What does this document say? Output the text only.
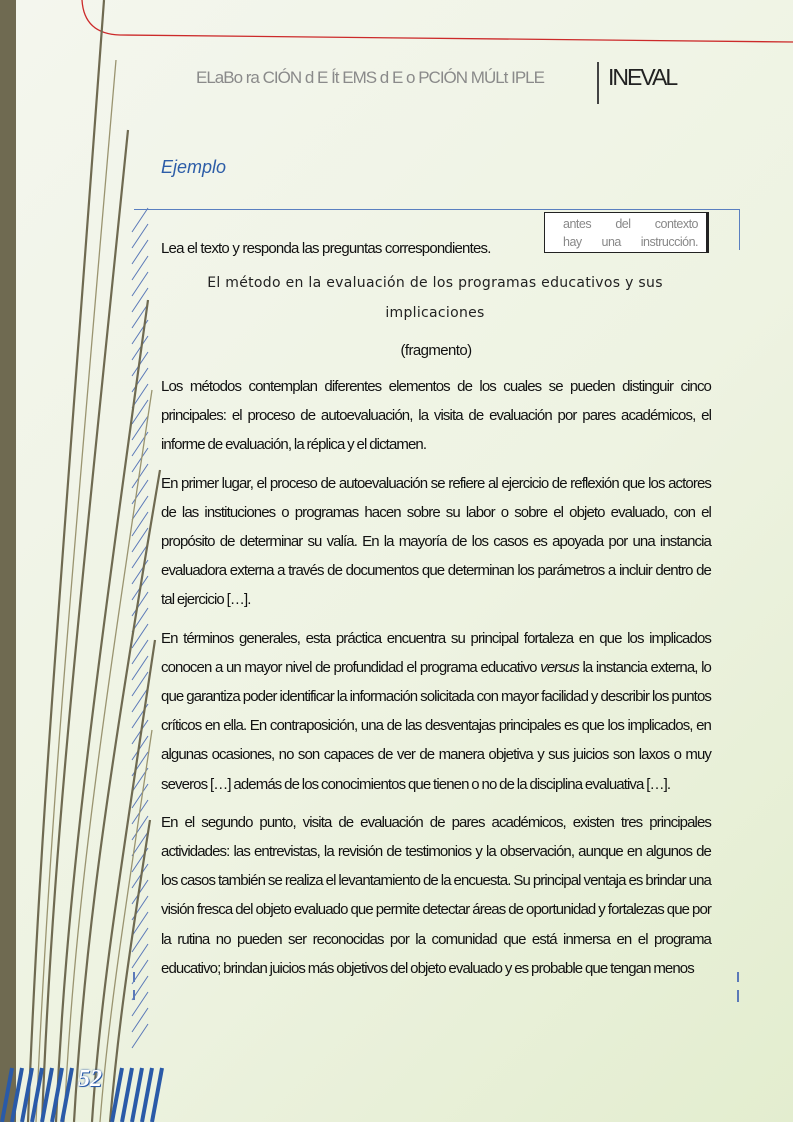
ELaBo ra CIÓN d E Ít EMS d E o PCIÓN MÚLt IPLE	INEVAL
Ejemplo
antes del contexto
hay una instrucción.
Lea el texto y responda las preguntas correspondientes.
El método en la evaluación de los programas educativos y sus implicaciones
(fragmento)

Los métodos contemplan diferentes elementos de los cuales se pueden distinguir cinco principales: el proceso de autoevaluación, la visita de evaluación por pares académicos, el informe de evaluación, la réplica y el dictamen.

En primer lugar, el proceso de autoevaluación se refiere al ejercicio de reflexión que los actores de las instituciones o programas hacen sobre su labor o sobre el objeto evaluado, con el propósito de determinar su valía. En la mayoría de los casos es apoyada por una instancia evaluadora externa a través de documentos que determinan los parámetros a incluir dentro de tal ejercicio […].

En términos generales, esta práctica encuentra su principal fortaleza en que los implicados conocen a un mayor nivel de profundidad el programa educativo versus la instancia externa, lo que garantiza poder identificar la información solicitada con mayor facilidad y describir los puntos críticos en ella. En contraposición, una de las desventajas principales es que los implicados, en algunas ocasiones, no son capaces de ver de manera objetiva y sus juicios son laxos o muy severos […] además de los conocimientos que tienen o no de la disciplina evaluativa […].

En el segundo punto, visita de evaluación de pares académicos, existen tres principales actividades: las entrevistas, la revisión de testimonios y la observación, aunque en algunos de los casos también se realiza el levantamiento de la encuesta. Su principal ventaja es brindar una visión fresca del objeto evaluado que permite detectar áreas de oportunidad y fortalezas que por la rutina no pueden ser reconocidas por la comunidad que está inmersa en el programa educativo; brindan juicios más objetivos del objeto evaluado y es probable que tengan menos

52
